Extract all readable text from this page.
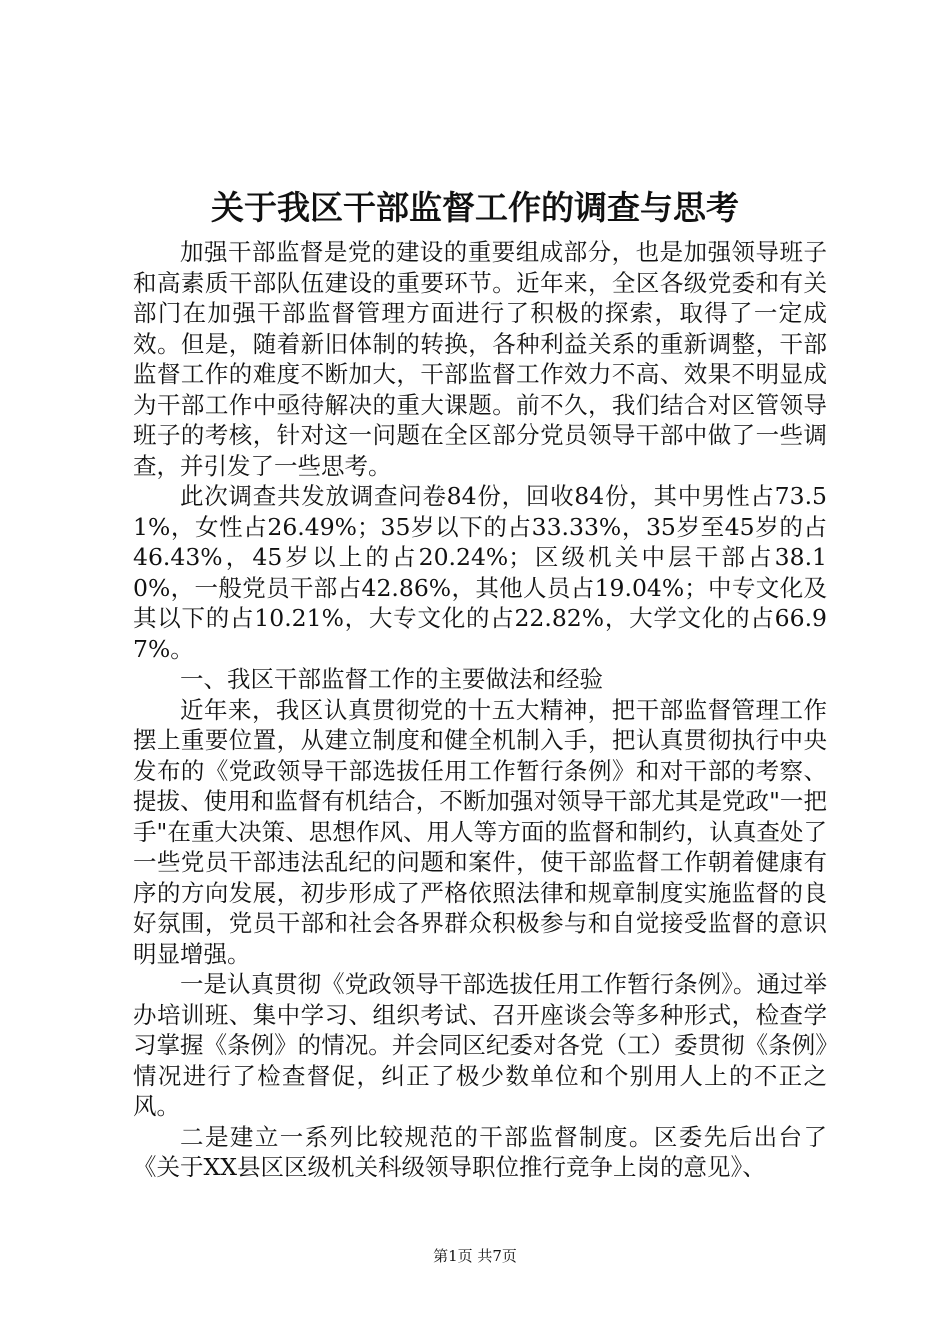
关于我区干部监督工作的调查与思考

加强干部监督是党的建设的重要组成部分，也是加强领导班子和高素质干部队伍建设的重要环节。近年来，全区各级党委和有关部门在加强干部监督管理方面进行了积极的探索，取得了一定成效。但是，随着新旧体制的转换，各种利益关系的重新调整，干部监督工作的难度不断加大，干部监督工作效力不高、效果不明显成为干部工作中亟待解决的重大课题。前不久，我们结合对区管领导班子的考核，针对这一问题在全区部分党员领导干部中做了一些调查，并引发了一些思考。

此次调查共发放调查问卷84份，回收84份，其中男性占73.51%，女性占26.49%；35岁以下的占33.33%，35岁至45岁的占46.43%，45岁以上的占20.24%；区级机关中层干部占38.10%，一般党员干部占42.86%，其他人员占19.04%；中专文化及其以下的占10.21%，大专文化的占22.82%，大学文化的占66.97%。

一、我区干部监督工作的主要做法和经验

近年来，我区认真贯彻党的十五大精神，把干部监督管理工作摆上重要位置，从建立制度和健全机制入手，把认真贯彻执行中央发布的《党政领导干部选拔任用工作暂行条例》和对干部的考察、提拔、使用和监督有机结合，不断加强对领导干部尤其是党政"一把手"在重大决策、思想作风、用人等方面的监督和制约，认真查处了一些党员干部违法乱纪的问题和案件，使干部监督工作朝着健康有序的方向发展，初步形成了严格依照法律和规章制度实施监督的良好氛围，党员干部和社会各界群众积极参与和自觉接受监督的意识明显增强。

一是认真贯彻《党政领导干部选拔任用工作暂行条例》。通过举办培训班、集中学习、组织考试、召开座谈会等多种形式，检查学习掌握《条例》的情况。并会同区纪委对各党（工）委贯彻《条例》情况进行了检查督促，纠正了极少数单位和个别用人上的不正之风。

二是建立一系列比较规范的干部监督制度。区委先后出台了《关于XX县区区级机关科级领导职位推行竞争上岗的意见》、

第1页 共7页
